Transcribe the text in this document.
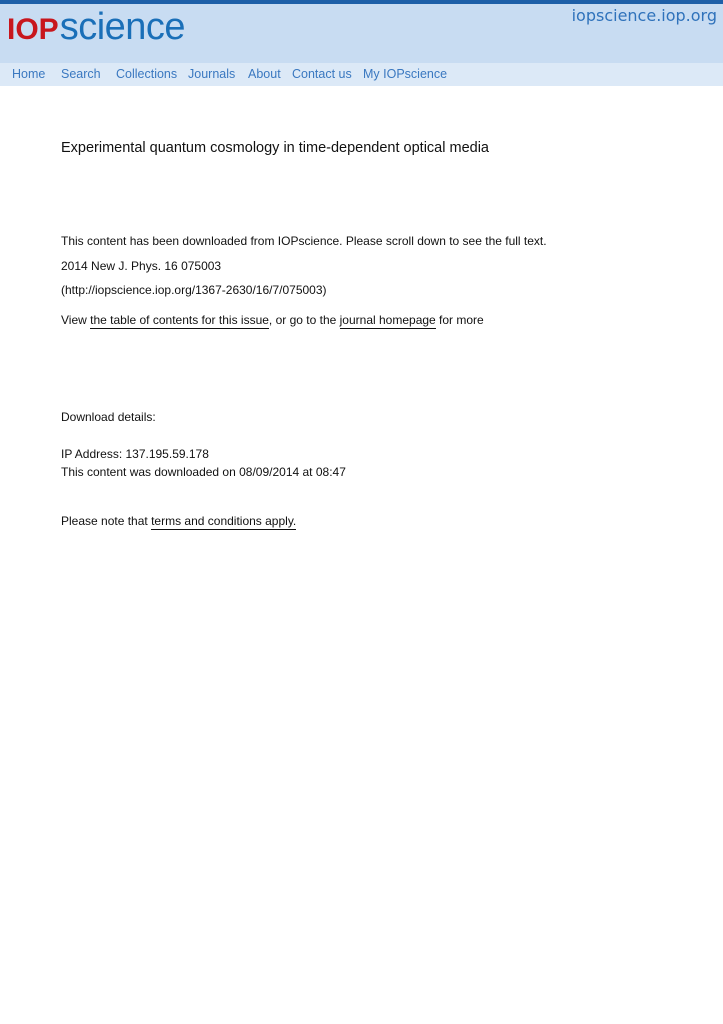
IOP science	iopscience.iop.org
Home Search Collections Journals About Contact us My IOPscience
Experimental quantum cosmology in time-dependent optical media
This content has been downloaded from IOPscience. Please scroll down to see the full text.
2014 New J. Phys. 16 075003
(http://iopscience.iop.org/1367-2630/16/7/075003)
View the table of contents for this issue, or go to the journal homepage for more
Download details:
IP Address: 137.195.59.178
This content was downloaded on 08/09/2014 at 08:47
Please note that terms and conditions apply.
